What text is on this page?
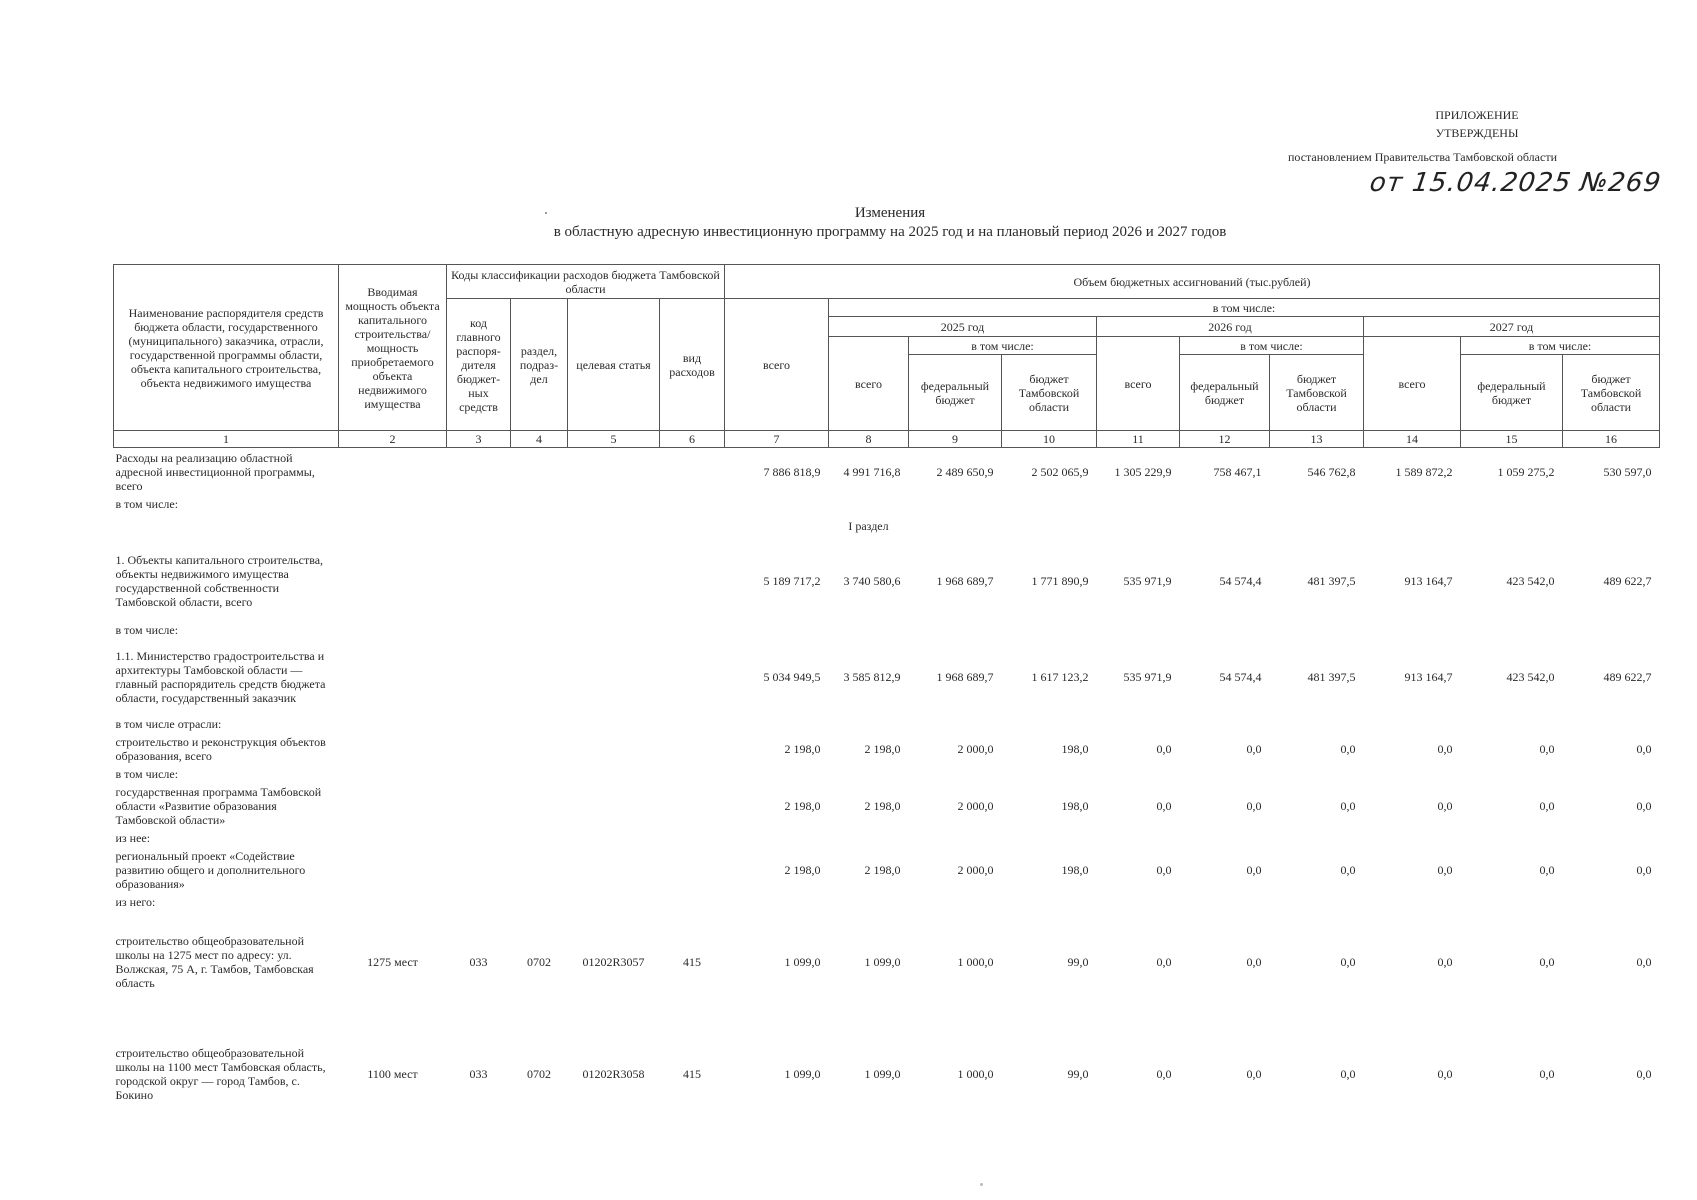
ПРИЛОЖЕНИЕ
УТВЕРЖДЕНЫ
постановлением Правительства Тамбовской области
от 15.04.2025 №269
Изменения
в областную адресную инвестиционную программу на 2025 год и на плановый период 2026 и 2027 годов
Наименование распорядителя средств бюджета области, государственного (муниципального) заказчика, отрасли, государственной программы области, объекта капитального строительства, объекта недвижимого имущества	Вводимая мощность объекта капитального строительства/ мощность приобретаемого объекта недвижимого имущества	Коды классификации расходов бюджета Тамбовской области				Объем бюджетных ассигнований (тыс.рублей)									
		код главного распоря-дителя бюджет-ных средств	раздел, подраз-дел	целевая статья	вид расходов	всего	в том числе:								
							2025 год			2026 год			2027 год		
							всего	в том числе:		всего	в том числе:		всего	в том числе:	
								федеральный бюджет	бюджет Тамбовской области		федеральный бюджет	бюджет Тамбовской области		федеральный бюджет	бюджет Тамбовской области
1	2	3	4	5	6	7	8	9	10	11	12	13	14	15	16
Расходы на реализацию областной адресной инвестиционной программы, всего						7 886 818,9	4 991 716,8	2 489 650,9	2 502 065,9	1 305 229,9	758 467,1	546 762,8	1 589 872,2	1 059 275,2	530 597,0
в том числе:															
							I раздел								
1. Объекты капитального строительства, объекты недвижимого имущества государственной собственности Тамбовской области, всего						5 189 717,2	3 740 580,6	1 968 689,7	1 771 890,9	535 971,9	54 574,4	481 397,5	913 164,7	423 542,0	489 622,7
в том числе:															
1.1. Министерство градостроительства и архитектуры Тамбовской области — главный распорядитель средств бюджета области, государственный заказчик						5 034 949,5	3 585 812,9	1 968 689,7	1 617 123,2	535 971,9	54 574,4	481 397,5	913 164,7	423 542,0	489 622,7
в том числе отрасли:															
строительство и реконструкция объектов образования, всего						2 198,0	2 198,0	2 000,0	198,0	0,0	0,0	0,0	0,0	0,0	0,0
в том числе:															
государственная программа Тамбовской области «Развитие образования Тамбовской области»						2 198,0	2 198,0	2 000,0	198,0	0,0	0,0	0,0	0,0	0,0	0,0
из нее:															
региональный проект «Содействие развитию общего и дополнительного образования»						2 198,0	2 198,0	2 000,0	198,0	0,0	0,0	0,0	0,0	0,0	0,0
из него:															
строительство общеобразовательной школы на 1275 мест по адресу: ул. Волжская, 75 А, г. Тамбов, Тамбовская область	1275 мест	033	0702	01202R3057	415	1 099,0	1 099,0	1 000,0	99,0	0,0	0,0	0,0	0,0	0,0	0,0
строительство общеобразовательной школы на 1100 мест Тамбовская область, городской округ — город Тамбов, с. Бокино	1100 мест	033	0702	01202R3058	415	1 099,0	1 099,0	1 000,0	99,0	0,0	0,0	0,0	0,0	0,0	0,0
